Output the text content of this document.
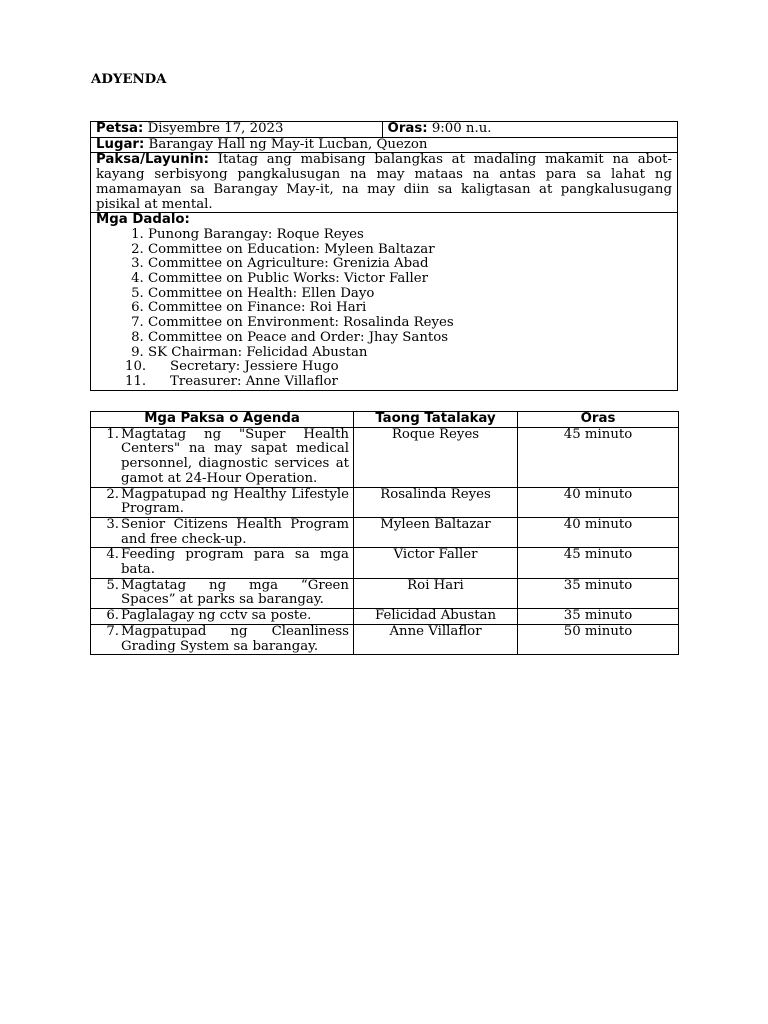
ADYENDA
Petsa: Disyembre 17, 2023	Oras: 9:00 n.u.
Lugar: Barangay Hall ng May-it Lucban, Quezon
Paksa/Layunin: Itatag ang mabisang balangkas at madaling makamit na abot-kayang serbisyong pangkalusugan na may mataas na antas para sa lahat ng mamamayan sa Barangay May-it, na may diin sa kaligtasan at pangkalusugang pisikal at mental.

Mga Dadalo:
1. Punong Barangay: Roque Reyes
2. Committee on Education: Myleen Baltazar
3. Committee on Agriculture: Grenizia Abad
4. Committee on Public Works: Victor Faller
5. Committee on Health: Ellen Dayo
6. Committee on Finance: Roi Hari
7. Committee on Environment: Rosalinda Reyes
8. Committee on Peace and Order: Jhay Santos
9. SK Chairman: Felicidad Abustan
10. Secretary: Jessiere Hugo
11. Treasurer: Anne Villaflor
Mga Paksa o Agenda	Taong Tatalakay	Oras

1. Magtatag ng "Super Health Centers" na may sapat medical personnel, diagnostic services at gamot at 24-Hour Operation.	Roque Reyes	45 minuto

2. Magpatupad ng Healthy Lifestyle Program.	Rosalinda Reyes	40 minuto

3. Senior Citizens Health Program and free check-up.	Myleen Baltazar	40 minuto

4. Feeding program para sa mga bata.	Victor Faller	45 minuto

5. Magtatag ng mga “Green Spaces” at parks sa barangay.	Roi Hari	35 minuto

6. Paglalagay ng cctv sa poste.	Felicidad Abustan	35 minuto

7. Magpatupad ng Cleanliness Grading System sa barangay.	Anne Villaflor	50 minuto
